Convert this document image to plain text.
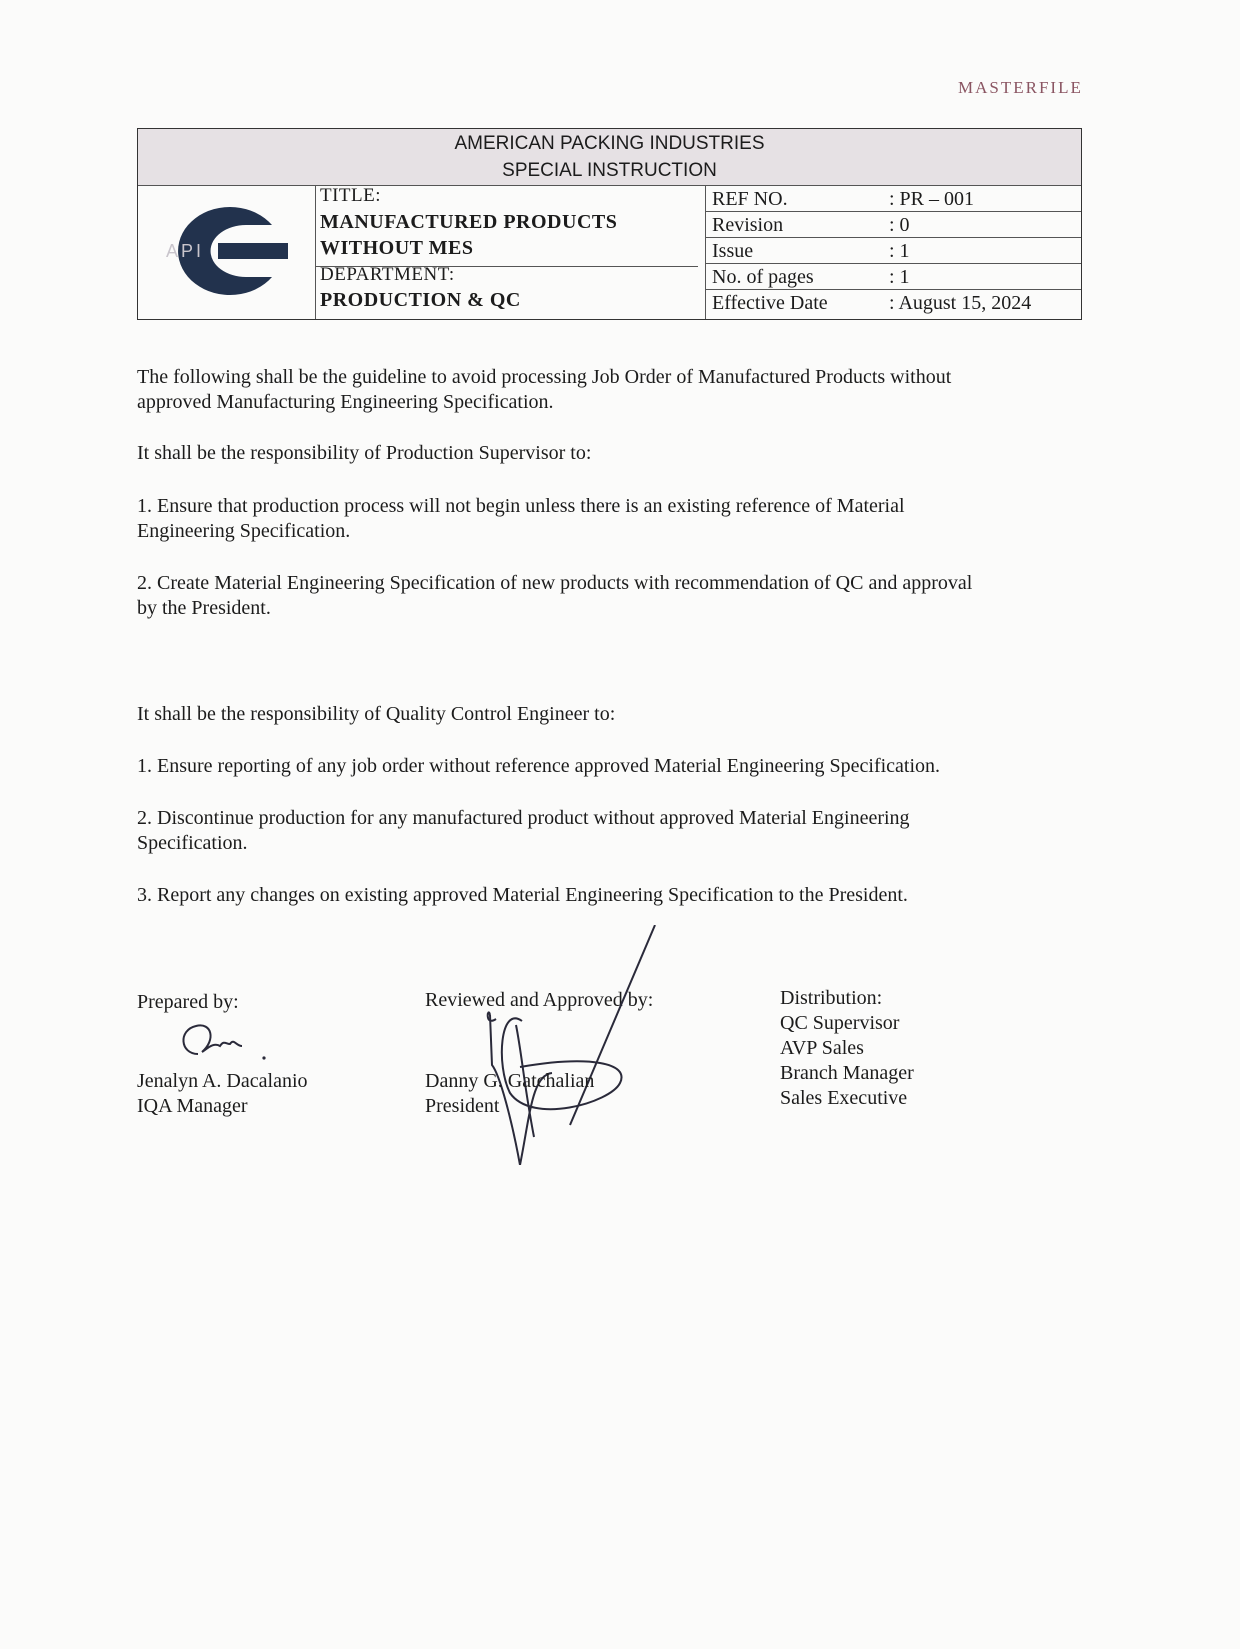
MASTERFILE
AMERICAN PACKING INDUSTRIES
SPECIAL INSTRUCTION
API
TITLE:
MANUFACTURED PRODUCTS
WITHOUT MES
DEPARTMENT:
PRODUCTION & QC
REF NO.
Revision
Issue
No. of pages
Effective Date
: PR – 001
: 0
: 1
: 1
: August 15, 2024
The following shall be the guideline to avoid processing Job Order of Manufactured Products without
approved Manufacturing Engineering Specification.
It shall be the responsibility of Production Supervisor to:
1. Ensure that production process will not begin unless there is an existing reference of Material
Engineering Specification.
2. Create Material Engineering Specification of new products with recommendation of QC and approval
by the President.
It shall be the responsibility of Quality Control Engineer to:
1. Ensure reporting of any job order without reference approved Material Engineering Specification.
2. Discontinue production for any manufactured product without approved Material Engineering
Specification.
3. Report any changes on existing approved Material Engineering Specification to the President.
Prepared by:
Jenalyn A. Dacalanio
IQA Manager
Reviewed and Approved by:
Danny G. Gatchalian
President
Distribution:
QC Supervisor
AVP Sales
Branch Manager
Sales Executive
